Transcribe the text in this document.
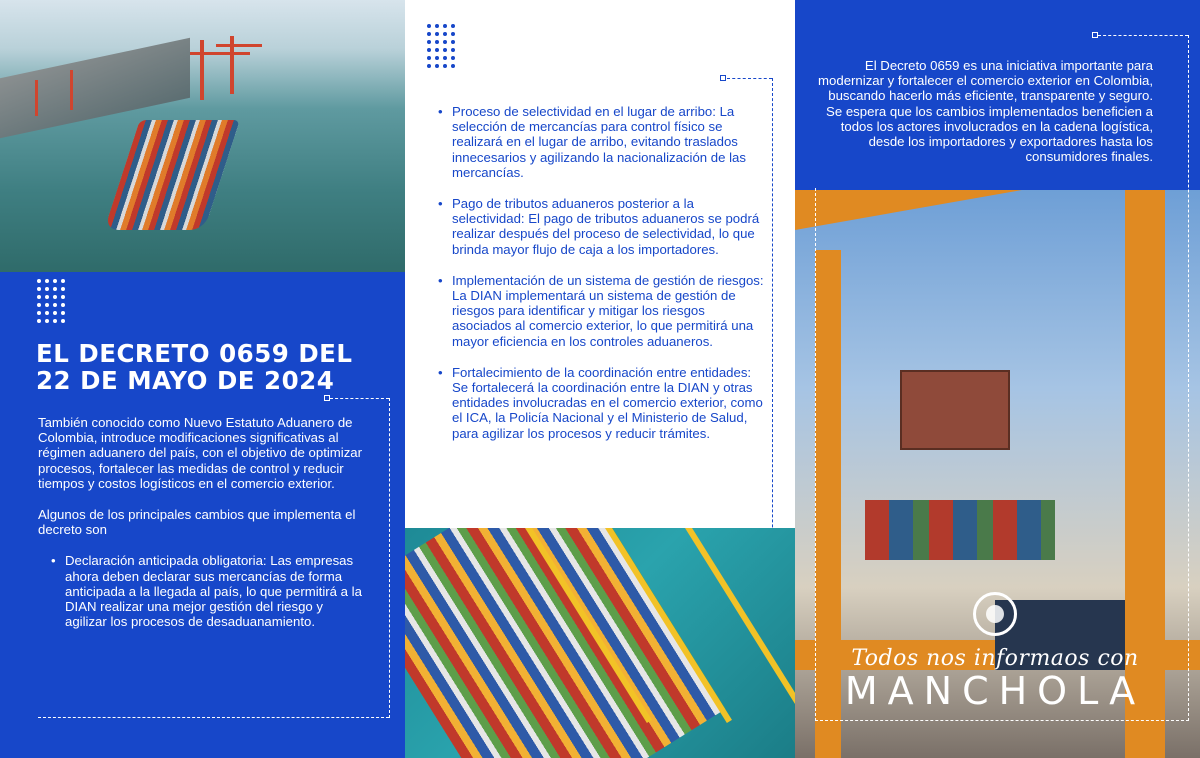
EL DECRETO 0659 DEL 22 DE MAYO DE 2024

También conocido como Nuevo Estatuto Aduanero de Colombia, introduce modificaciones significativas al régimen aduanero del país, con el objetivo de optimizar procesos, fortalecer las medidas de control y reducir tiempos y costos logísticos en el comercio exterior.

Algunos de los principales cambios que implementa el decreto son

• Declaración anticipada obligatoria: Las empresas ahora deben declarar sus mercancías de forma anticipada a la llegada al país, lo que permitirá a la DIAN realizar una mejor gestión del riesgo y agilizar los procesos de desaduanamiento.
• Proceso de selectividad en el lugar de arribo: La selección de mercancías para control físico se realizará en el lugar de arribo, evitando traslados innecesarios y agilizando la nacionalización de las mercancías.
• Pago de tributos aduaneros posterior a la selectividad: El pago de tributos aduaneros se podrá realizar después del proceso de selectividad, lo que brinda mayor flujo de caja a los importadores.
• Implementación de un sistema de gestión de riesgos: La DIAN implementará un sistema de gestión de riesgos para identificar y mitigar los riesgos asociados al comercio exterior, lo que permitirá una mayor eficiencia en los controles aduaneros.
• Fortalecimiento de la coordinación entre entidades: Se fortalecerá la coordinación entre la DIAN y otras entidades involucradas en el comercio exterior, como el ICA, la Policía Nacional y el Ministerio de Salud, para agilizar los procesos y reducir trámites.

El Decreto 0659 es una iniciativa importante para modernizar y fortalecer el comercio exterior en Colombia, buscando hacerlo más eficiente, transparente y seguro. Se espera que los cambios implementados beneficien a todos los actores involucrados en la cadena logística, desde los importadores y exportadores hasta los consumidores finales.

Todos nos informaos con
MANCHOLA
